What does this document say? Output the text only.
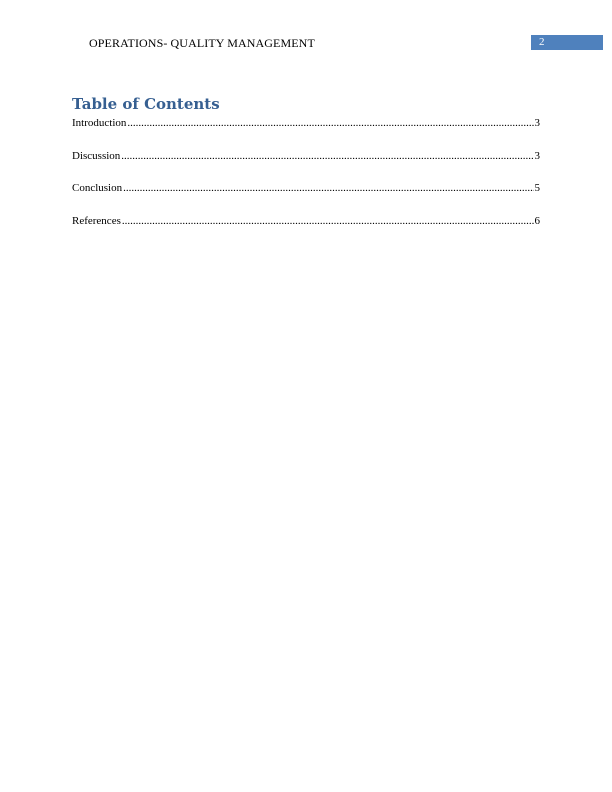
OPERATIONS- QUALITY MANAGEMENT	2
Table of Contents
Introduction .....	3
Discussion .....	3
Conclusion .....	5
References .....	6
